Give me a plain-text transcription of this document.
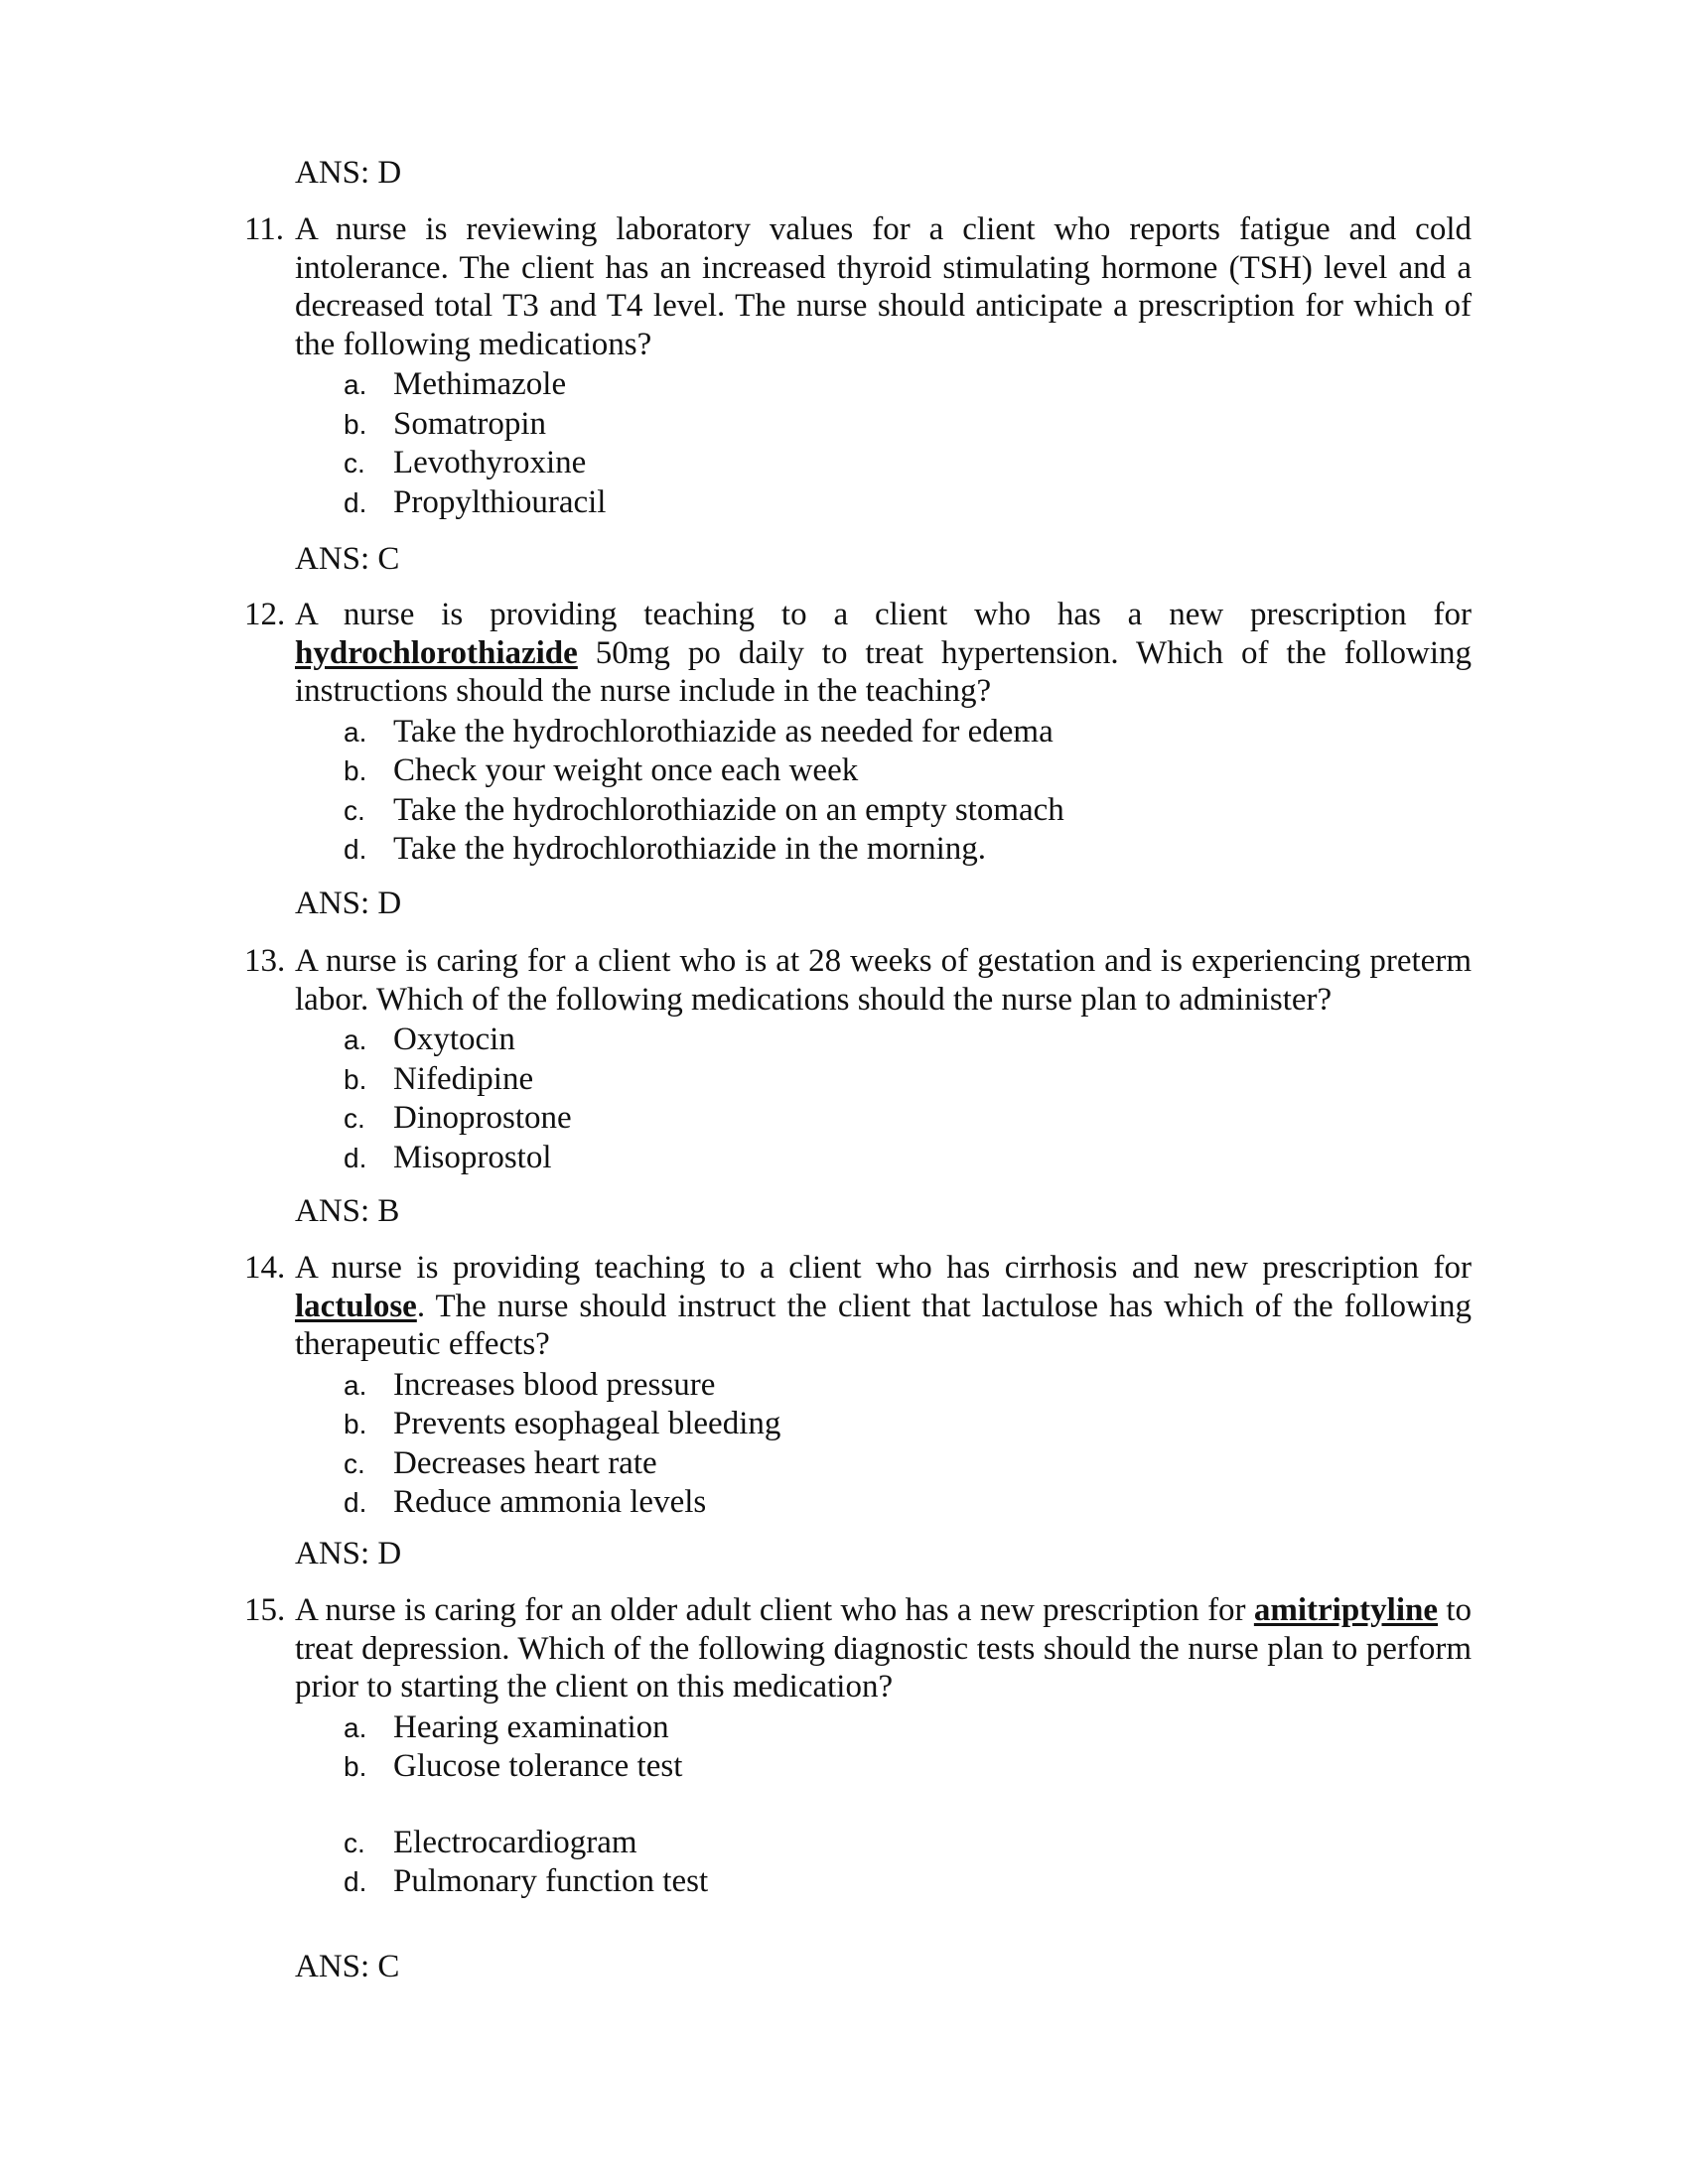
ANS: D
11. A nurse is reviewing laboratory values for a client who reports fatigue and cold intolerance. The client has an increased thyroid stimulating hormone (TSH) level and a decreased total T3 and T4 level. The nurse should anticipate a prescription for which of the following medications?
a. Methimazole
b. Somatropin
c. Levothyroxine
d. Propylthiouracil
ANS: C
12. A nurse is providing teaching to a client who has a new prescription for hydrochlorothiazide 50mg po daily to treat hypertension. Which of the following instructions should the nurse include in the teaching?
a. Take the hydrochlorothiazide as needed for edema
b. Check your weight once each week
c. Take the hydrochlorothiazide on an empty stomach
d. Take the hydrochlorothiazide in the morning.
ANS: D
13. A nurse is caring for a client who is at 28 weeks of gestation and is experiencing preterm labor. Which of the following medications should the nurse plan to administer?
a. Oxytocin
b. Nifedipine
c. Dinoprostone
d. Misoprostol
ANS: B
14. A nurse is providing teaching to a client who has cirrhosis and new prescription for lactulose. The nurse should instruct the client that lactulose has which of the following therapeutic effects?
a. Increases blood pressure
b. Prevents esophageal bleeding
c. Decreases heart rate
d. Reduce ammonia levels
ANS: D
15. A nurse is caring for an older adult client who has a new prescription for amitriptyline to treat depression. Which of the following diagnostic tests should the nurse plan to perform prior to starting the client on this medication?
a. Hearing examination
b. Glucose tolerance test
c. Electrocardiogram
d. Pulmonary function test
ANS: C
